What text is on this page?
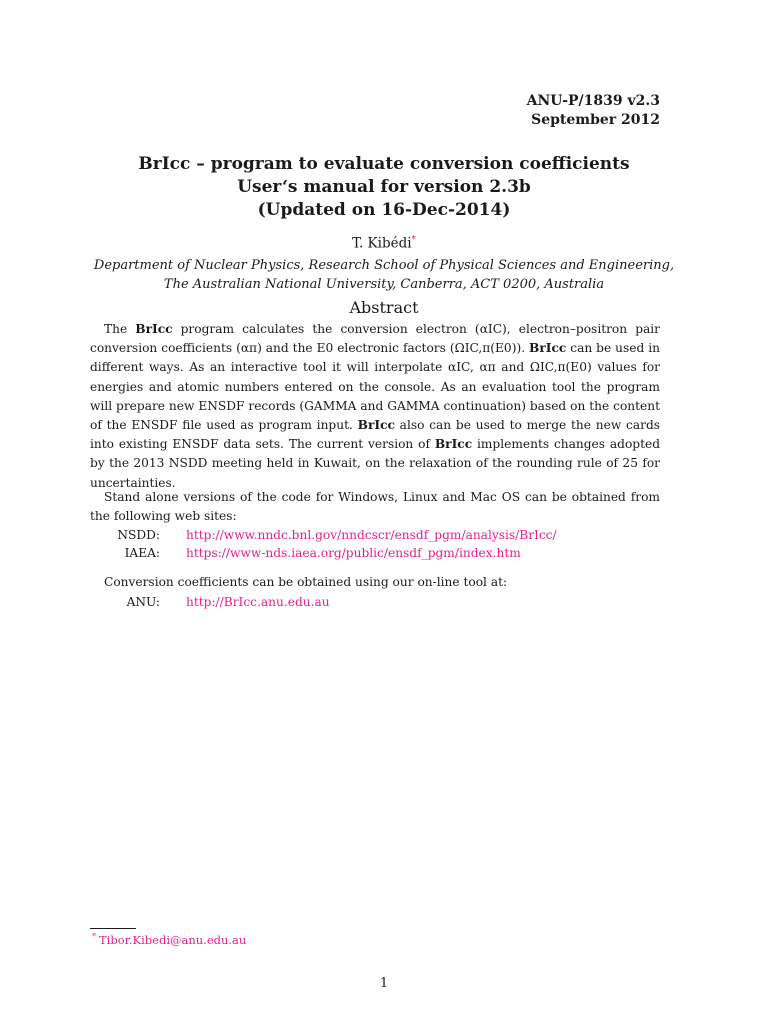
ANU-P/1839 v2.3
September 2012
BrIcc – program to evaluate conversion coefficients
User‘s manual for version 2.3b
(Updated on 16-Dec-2014)
T. Kibédi*
Department of Nuclear Physics, Research School of Physical Sciences and Engineering,
The Australian National University, Canberra, ACT 0200, Australia
Abstract
The BrIcc program calculates the conversion electron (αIC), electron–positron pair conversion coefficients (απ) and the E0 electronic factors (ΩIC,π(E0)). BrIcc can be used in different ways. As an interactive tool it will interpolate αIC, απ and ΩIC,π(E0) values for energies and atomic numbers entered on the console. As an evaluation tool the program will prepare new ENSDF records (GAMMA and GAMMA continuation) based on the content of the ENSDF file used as program input. BrIcc also can be used to merge the new cards into existing ENSDF data sets. The current version of BrIcc implements changes adopted by the 2013 NSDD meeting held in Kuwait, on the relaxation of the rounding rule of 25 for uncertainties.
Stand alone versions of the code for Windows, Linux and Mac OS can be obtained from the following web sites:
NSDD: http://www.nndc.bnl.gov/nndcscr/ensdf_pgm/analysis/BrIcc/
IAEA: https://www-nds.iaea.org/public/ensdf_pgm/index.htm
Conversion coefficients can be obtained using our on-line tool at:
ANU: http://BrIcc.anu.edu.au
* Tibor.Kibedi@anu.edu.au
1
